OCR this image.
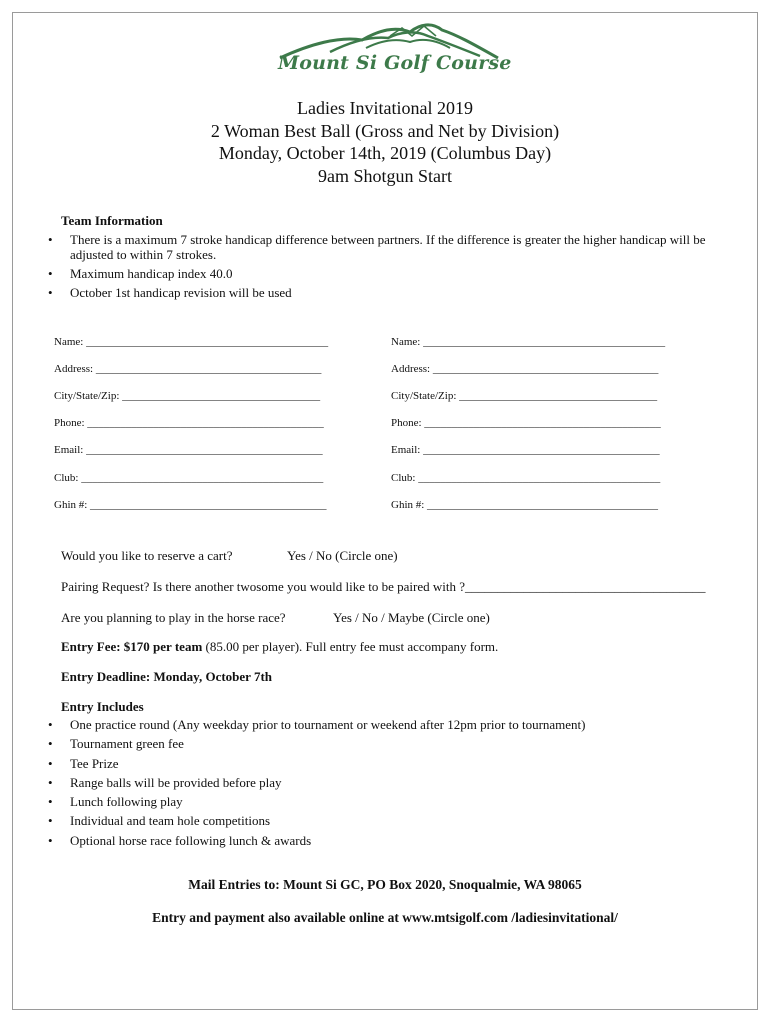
Mount Si Golf Course
Ladies Invitational 2019
2 Woman Best Ball (Gross and Net by Division)
Monday, October 14th, 2019 (Columbus Day)
9am Shotgun Start
Team Information
• There is a maximum 7 stroke handicap difference between partners. If the difference is greater the higher handicap will be adjusted to within 7 strokes.
• Maximum handicap index 40.0
• October 1st handicap revision will be used
Name: ____________________________________________
Address: _________________________________________
City/State/Zip: ____________________________________
Phone: ___________________________________________
Email: ___________________________________________
Club: ____________________________________________
Ghin #: ___________________________________________
Name: ____________________________________________
Address: _________________________________________
City/State/Zip: ____________________________________
Phone: ___________________________________________
Email: ___________________________________________
Club: ____________________________________________
Ghin #: __________________________________________
Would you like to reserve a cart?	Yes / No (Circle one)
Pairing Request? Is there another twosome you would like to be paired with ?_____________________________________
Are you planning to play in the horse race?	Yes / No / Maybe (Circle one)
Entry Fee: $170 per team (85.00 per player). Full entry fee must accompany form.
Entry Deadline: Monday, October 7th
Entry Includes
• One practice round (Any weekday prior to tournament or weekend after 12pm prior to tournament)
• Tournament green fee
• Tee Prize
• Range balls will be provided before play
• Lunch following play
• Individual and team hole competitions
• Optional horse race following lunch & awards
Mail Entries to: Mount Si GC, PO Box 2020, Snoqualmie, WA 98065
Entry and payment also available online at www.mtsigolf.com /ladiesinvitational/
